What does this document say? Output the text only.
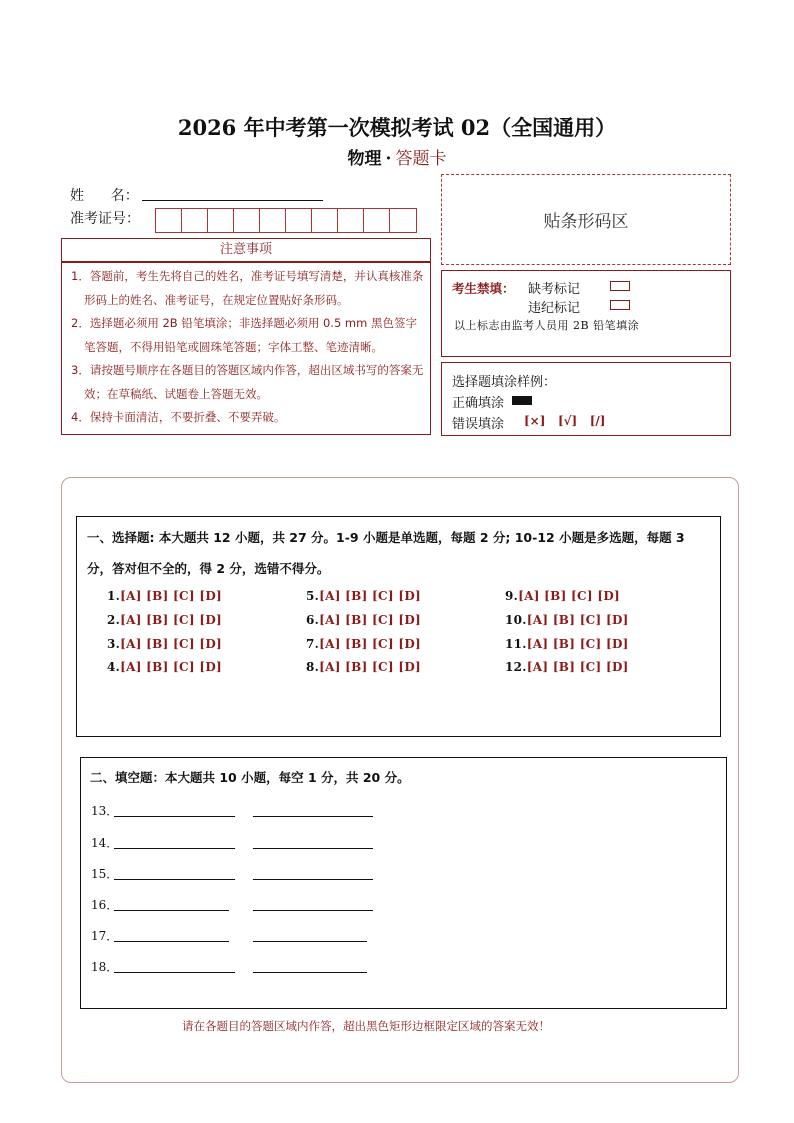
2026 年中考第一次模拟考试 02（全国通用）
物理 · 答题卡
姓      名：
准考证号：	贴条形码区
注意事项
1．答题前，考生先将自己的姓名，准考证号填写清楚，并认真核准条形码上的姓名、准考证号，在规定位置贴好条形码。
2．选择题必须用 2B 铅笔填涂；非选择题必须用 0.5 mm 黑色签字笔答题，不得用铅笔或圆珠笔答题；字体工整、笔迹清晰。
3．请按题号顺序在各题目的答题区域内作答，超出区域书写的答案无效；在草稿纸、试题卷上答题无效。
4．保持卡面清洁，不要折叠、不要弄破。
考生禁填： 缺考标记
违纪标记
以上标志由监考人员用 2B 铅笔填涂
选择题填涂样例：
正确填涂
错误填涂 [×]   [√]   [/]
一、选择题: 本大题共 12 小题，共 27 分。1-9 小题是单选题，每题 2 分; 10-12 小题是多选题，每题 3
分，答对但不全的，得 2 分，选错不得分。
1.[A] [B] [C] [D]
2.[A] [B] [C] [D]
3.[A] [B] [C] [D]
4.[A] [B] [C] [D]
5.[A] [B] [C] [D]
6.[A] [B] [C] [D]
7.[A] [B] [C] [D]
8.[A] [B] [C] [D]
9.[A] [B] [C] [D]
10.[A] [B] [C] [D]
11.[A] [B] [C] [D]
12.[A] [B] [C] [D]
二、填空题：本大题共 10 小题，每空 1 分，共 20 分。
13．
14．
15．
16．
17．
18．
请在各题目的答题区域内作答，超出黑色矩形边框限定区域的答案无效！
